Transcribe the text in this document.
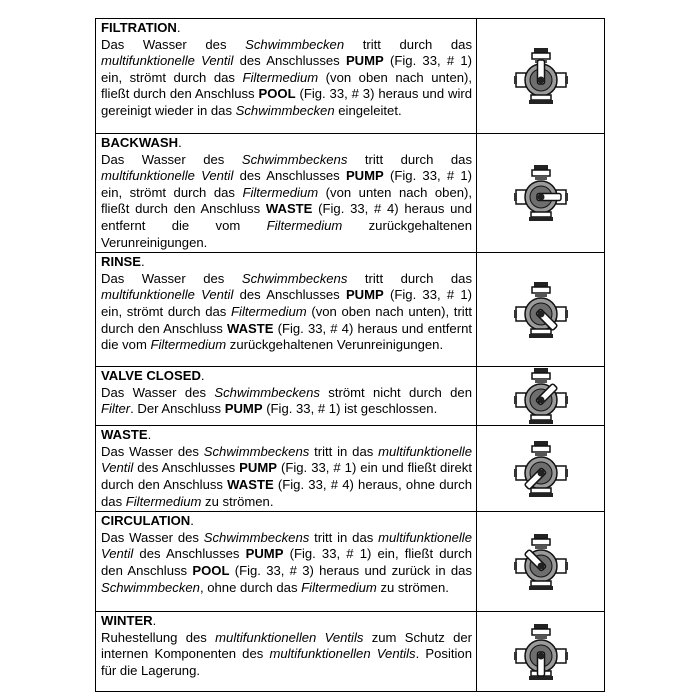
FILTRATION.
Das Wasser des Schwimmbecken tritt durch das multifunktionelle Ventil des Anschlusses PUMP (Fig. 33, # 1) ein, strömt durch das Filtermedium (von oben nach unten), fließt durch den Anschluss POOL (Fig. 33, # 3) heraus und wird gereinigt wieder in das Schwimmbecken eingeleitet.

BACKWASH.
Das Wasser des Schwimmbeckens tritt durch das multifunktionelle Ventil des Anschlusses PUMP (Fig. 33, # 1) ein, strömt durch das Filtermedium (von unten nach oben), fließt durch den Anschluss WASTE (Fig. 33, # 4) heraus und entfernt die vom Filtermedium zurückgehaltenen Verunreinigungen.

RINSE.
Das Wasser des Schwimmbeckens tritt durch das multifunktionelle Ventil des Anschlusses PUMP (Fig. 33, # 1) ein, strömt durch das Filtermedium (von oben nach unten), tritt durch den Anschluss WASTE (Fig. 33, # 4) heraus und entfernt die vom Filtermedium zurückgehaltenen Verunreinigungen.

VALVE CLOSED.
Das Wasser des Schwimmbeckens strömt nicht durch den Filter. Der Anschluss PUMP (Fig. 33, # 1) ist geschlossen.

WASTE.
Das Wasser des Schwimmbeckens tritt in das multifunktionelle Ventil des Anschlusses PUMP (Fig. 33, # 1) ein und fließt direkt durch den Anschluss WASTE (Fig. 33, # 4) heraus, ohne durch das Filtermedium zu strömen.

CIRCULATION.
Das Wasser des Schwimmbeckens tritt in das multifunktionelle Ventil des Anschlusses PUMP (Fig. 33, # 1) ein, fließt durch den Anschluss POOL (Fig. 33, # 3) heraus und zurück in das Schwimmbecken, ohne durch das Filtermedium zu strömen.

WINTER.
Ruhestellung des multifunktionellen Ventils zum Schutz der internen Komponenten des multifunktionellen Ventils. Position für die Lagerung.
